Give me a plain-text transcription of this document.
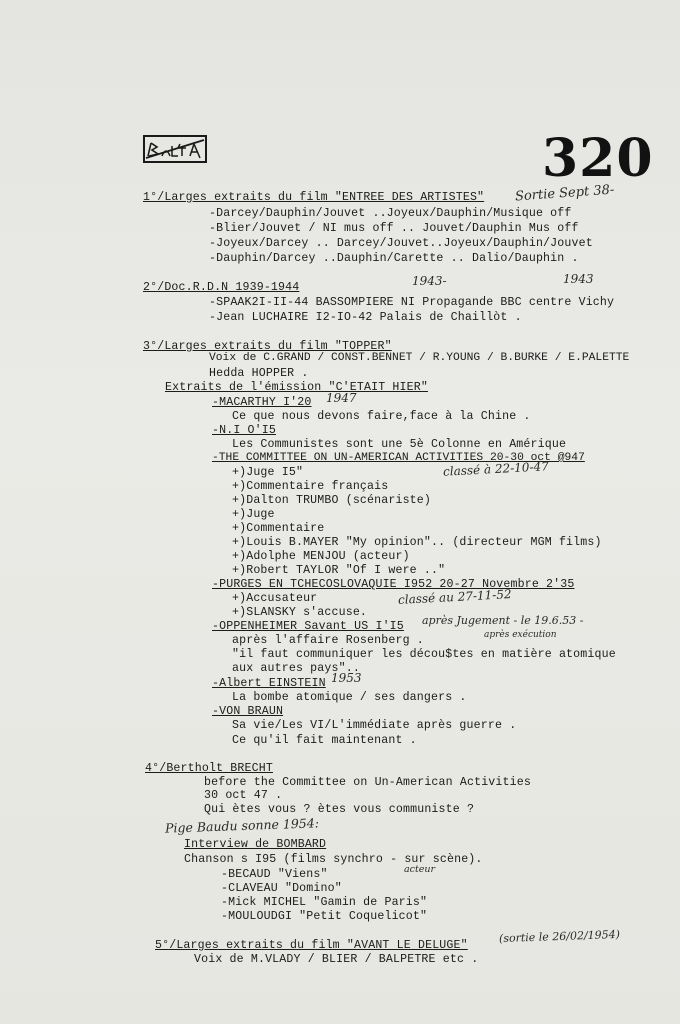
320
1°/Larges extraits du film "ENTREE DES ARTISTES" Sortie Sept 38-
-Darcey/Dauphin/Jouvet ..Joyeux/Dauphin/Musique off
-Blier/Jouvet / NI mus off .. Jouvet/Dauphin Mus off
-Joyeux/Darcey .. Darcey/Jouvet..Joyeux/Dauphin/Jouvet
-Dauphin/Darcey ..Dauphin/Carette .. Dalio/Dauphin .
2°/Doc.R.D.N 1939-1944	1943-	1943
-SPAAK2I-II-44 BASSOMPIERE NI Propagande BBC centre Vichy
-Jean LUCHAIRE I2-IO-42 Palais de Chaillòt .
3°/Larges extraits du film "TOPPER"
Voix de C.GRAND / CONST.BENNET / R.YOUNG / B.BURKE / E.PALETTE
Hedda HOPPER .
Extraits de l'émission "C'ETAIT HIER"
-MACARTHY I'20 1947
Ce que nous devons faire,face à la Chine .
-N.I O'I5
Les Communistes sont une 5è Colonne en Amérique
-THE COMMITTEE ON UN-AMERICAN ACTIVITIES 20-30 oct @947
classé à 22-10-47
+)Juge I5"
+)Commentaire français
+)Dalton TRUMBO (scénariste)
+)Juge
+)Commentaire
+)Louis B.MAYER "My opinion".. (directeur MGM films)
+)Adolphe MENJOU (acteur)
+)Robert TAYLOR "Of I were .."
-PURGES EN TCHECOSLOVAQUIE I952 20-27 Novembre 2'35
+)Accusateur	classé au 27-11-52
+)SLANSKY s'accuse.
-OPPENHEIMER Savant US I'I5 après Jugement - le 19.6.53 -
après exécution
après l'affaire Rosenberg .
"il faut communiquer les décou$tes en matière atomique
aux autres pays"..
-Albert EINSTEIN 1953
La bombe atomique / ses dangers .
-VON BRAUN
Sa vie/Les VI/L'immédiate après guerre .
Ce qu'il fait maintenant .
4°/Bertholt BRECHT
before the Committee on Un-American Activities
30 oct 47 .
Qui ètes vous ? ètes vous communiste ?
Pige Baudu sonne 1954:
Interview de BOMBARD
Chanson s I95 (films synchro - sur scène).
acteur
-BECAUD "Viens"
-CLAVEAU "Domino"
-Mick MICHEL "Gamin de Paris"
-MOULOUDGI "Petit Coquelicot"
5°/Larges extraits du film "AVANT LE DELUGE"
(sortie le 26/02/1954)
Voix de M.VLADY / BLIER / BALPETRE etc .
